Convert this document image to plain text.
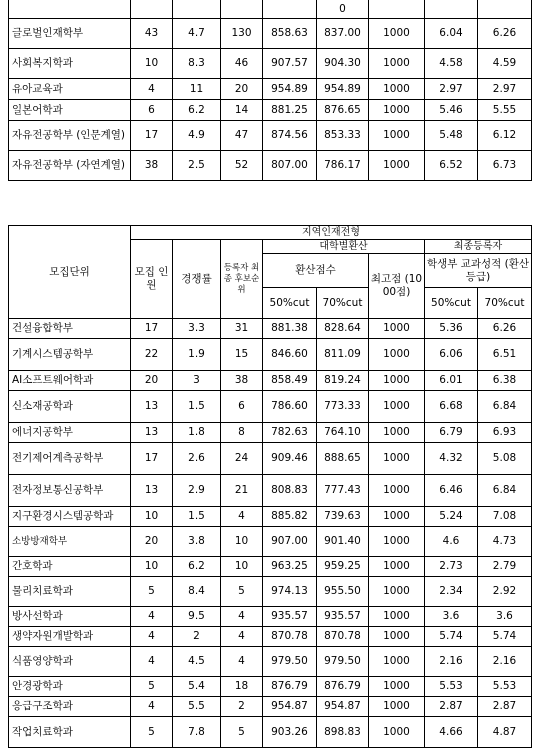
					0			
글로벌인재학부	43	4.7	130	858.63	837.00	1000	6.04	6.26
사회복지학과	10	8.3	46	907.57	904.30	1000	4.58	4.59
유아교육과	4	11	20	954.89	954.89	1000	2.97	2.97
일본어학과	6	6.2	14	881.25	876.65	1000	5.46	5.55
자유전공학부 (인문계열)	17	4.9	47	874.56	853.33	1000	5.48	6.12
자유전공학부 (자연계열)	38	2.5	52	807.00	786.17	1000	6.52	6.73
모집단위	지역인재전형							
	모집 인원	경쟁률	등록자 최종 후보순위	대학별환산			최종등록자	
				환산점수		최고점 (1000점)	학생부 교과성적 (환산등급)	
				50%cut	70%cut		50%cut	70%cut
건설융합학부	17	3.3	31	881.38	828.64	1000	5.36	6.26
기계시스템공학부	22	1.9	15	846.60	811.09	1000	6.06	6.51
AI소프트웨어학과	20	3	38	858.49	819.24	1000	6.01	6.38
신소재공학과	13	1.5	6	786.60	773.33	1000	6.68	6.84
에너지공학부	13	1.8	8	782.63	764.10	1000	6.79	6.93
전기제어계측공학부	17	2.6	24	909.46	888.65	1000	4.32	5.08
전자정보통신공학부	13	2.9	21	808.83	777.43	1000	6.46	6.84
지구환경시스템공학과	10	1.5	4	885.82	739.63	1000	5.24	7.08
소방방재학부	20	3.8	10	907.00	901.40	1000	4.6	4.73
간호학과	10	6.2	10	963.25	959.25	1000	2.73	2.79
물리치료학과	5	8.4	5	974.13	955.50	1000	2.34	2.92
방사선학과	4	9.5	4	935.57	935.57	1000	3.6	3.6
생약자원개발학과	4	2	4	870.78	870.78	1000	5.74	5.74
식품영양학과	4	4.5	4	979.50	979.50	1000	2.16	2.16
안경광학과	5	5.4	18	876.79	876.79	1000	5.53	5.53
응급구조학과	4	5.5	2	954.87	954.87	1000	2.87	2.87
작업치료학과	5	7.8	5	903.26	898.83	1000	4.66	4.87
